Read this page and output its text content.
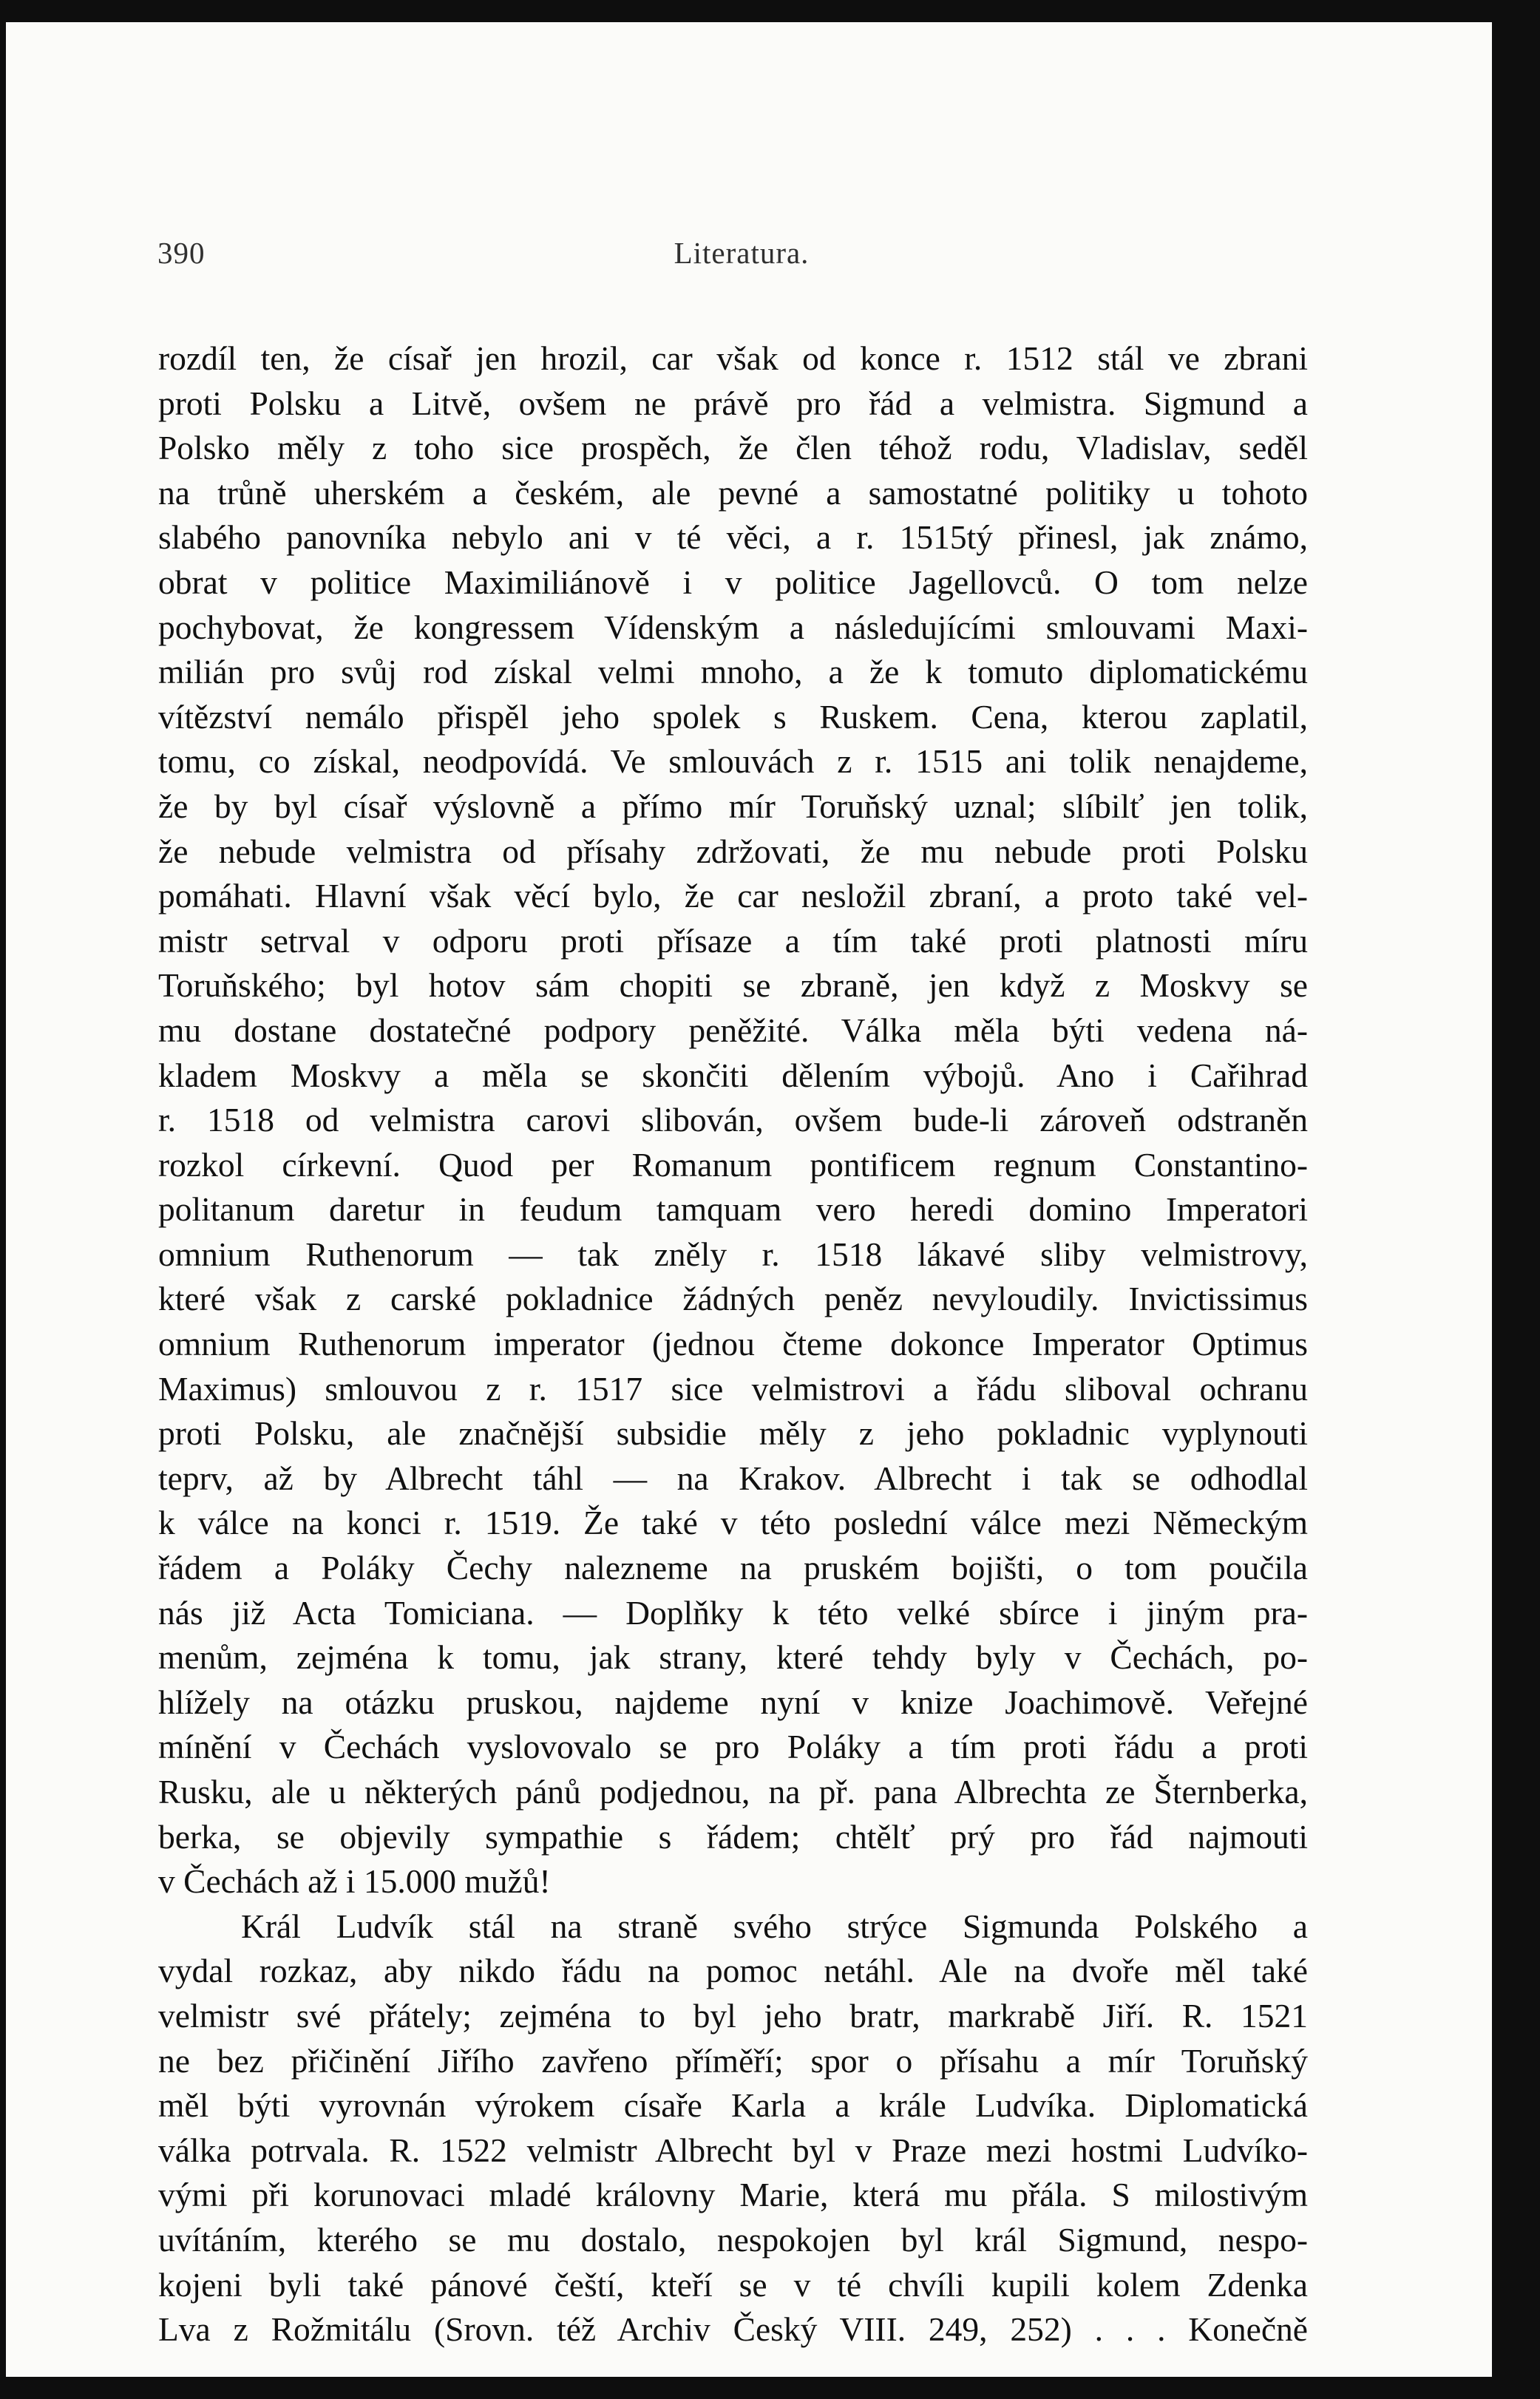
390	Literatura.
rozdíl ten, že císař jen hrozil, car však od konce r. 1512 stál ve zbrani
proti Polsku a Litvě, ovšem ne právě pro řád a velmistra. Sigmund a
Polsko měly z toho sice prospěch, že člen téhož rodu, Vladislav, seděl
na trůně uherském a českém, ale pevné a samostatné politiky u tohoto
slabého panovníka nebylo ani v té věci, a r. 1515tý přinesl, jak známo,
obrat v politice Maximiliánově i v politice Jagellovců. O tom nelze
pochybovat, že kongressem Vídenským a následujícími smlouvami Maxi-
milián pro svůj rod získal velmi mnoho, a že k tomuto diplomatickému
vítězství nemálo přispěl jeho spolek s Ruskem. Cena, kterou zaplatil,
tomu, co získal, neodpovídá. Ve smlouvách z r. 1515 ani tolik nenajdeme,
že by byl císař výslovně a přímo mír Toruňský uznal; slíbilť jen tolik,
že nebude velmistra od přísahy zdržovati, že mu nebude proti Polsku
pomáhati. Hlavní však věcí bylo, že car nesložil zbraní, a proto také vel-
mistr setrval v odporu proti přísaze a tím také proti platnosti míru
Toruňského; byl hotov sám chopiti se zbraně, jen když z Moskvy se
mu dostane dostatečné podpory peněžité. Válka měla býti vedena ná-
kladem Moskvy a měla se skončiti dělením výbojů. Ano i Cařihrad
r. 1518 od velmistra carovi slibován, ovšem bude-li zároveň odstraněn
rozkol církevní. Quod per Romanum pontificem regnum Constantino-
politanum daretur in feudum tamquam vero heredi domino Imperatori
omnium Ruthenorum — tak zněly r. 1518 lákavé sliby velmistrovy,
které však z carské pokladnice žádných peněz nevyloudily. Invictissimus
omnium Ruthenorum imperator (jednou čteme dokonce Imperator Optimus
Maximus) smlouvou z r. 1517 sice velmistrovi a řádu sliboval ochranu
proti Polsku, ale značnější subsidie měly z jeho pokladnic vyplynouti
teprv, až by Albrecht táhl — na Krakov. Albrecht i tak se odhodlal
k válce na konci r. 1519. Že také v této poslední válce mezi Německým
řádem a Poláky Čechy nalezneme na pruském bojišti, o tom poučila
nás již Acta Tomiciana. — Doplňky k této velké sbírce i jiným pra-
menům, zejména k tomu, jak strany, které tehdy byly v Čechách, po-
hlížely na otázku pruskou, najdeme nyní v knize Joachimově. Veřejné
mínění v Čechách vyslovovalo se pro Poláky a tím proti řádu a proti
Rusku, ale u některých pánů podjednou, na př. pana Albrechta ze Šternberka,
berka, se objevily sympathie s řádem; chtělť prý pro řád najmouti
v Čechách až i 15.000 mužů!
Král Ludvík stál na straně svého strýce Sigmunda Polského a
vydal rozkaz, aby nikdo řádu na pomoc netáhl. Ale na dvoře měl také
velmistr své přátely; zejména to byl jeho bratr, markrabě Jiří. R. 1521
ne bez přičinění Jiřího zavřeno příměří; spor o přísahu a mír Toruňský
měl býti vyrovnán výrokem císaře Karla a krále Ludvíka. Diplomatická
válka potrvala. R. 1522 velmistr Albrecht byl v Praze mezi hostmi Ludvíko-
vými při korunovaci mladé královny Marie, která mu přála. S milostivým
uvítáním, kterého se mu dostalo, nespokojen byl král Sigmund, nespo-
kojeni byli také pánové čeští, kteří se v té chvíli kupili kolem Zdenka
Lva z Rožmitálu (Srovn. též Archiv Český VIII. 249, 252) . . . Konečně
